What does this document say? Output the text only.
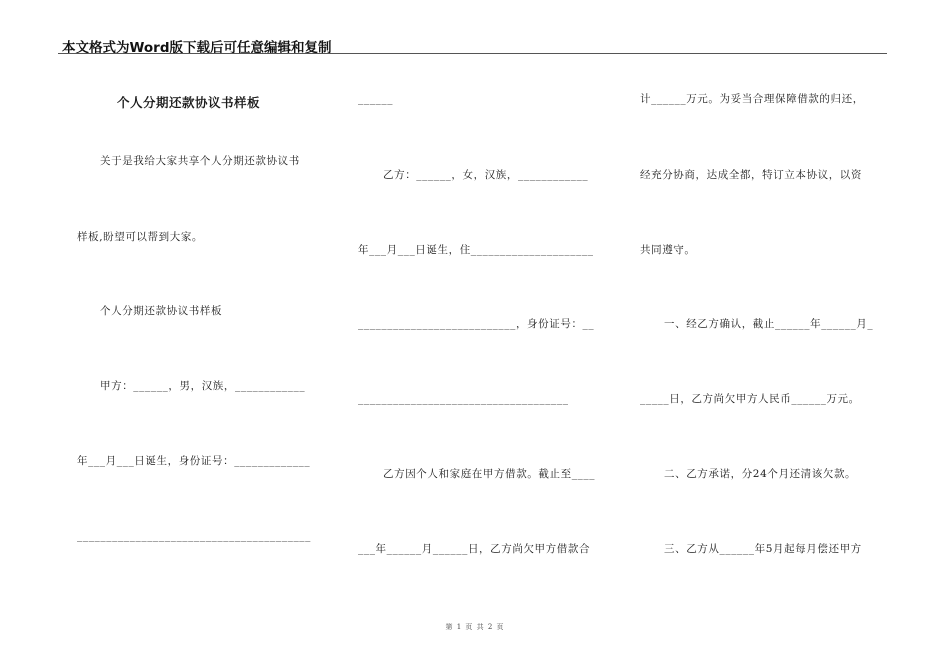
本文格式为Word版下载后可任意编辑和复制
个人分期还款协议书样板
关于是我给大家共享个人分期还款协议书
样板,盼望可以帮到大家。
个人分期还款协议书样板
甲方：______，男，汉族，____________
年___月___日诞生，身份证号：_____________
________________________________________
______
乙方：______，女，汉族，____________
年___月___日诞生，住_____________________
___________________________，身份证号：__
____________________________________
乙方因个人和家庭在甲方借款。截止至____
___年______月______日，乙方尚欠甲方借款合
计______万元。为妥当合理保障借款的归还，
经充分协商，达成全都，特订立本协议，以资
共同遵守。
一、经乙方确认，截止______年______月_
_____日，乙方尚欠甲方人民币______万元。
二、乙方承诺，分24个月还清该欠款。
三、乙方从______年5月起每月偿还甲方
第 1 页 共 2 页
